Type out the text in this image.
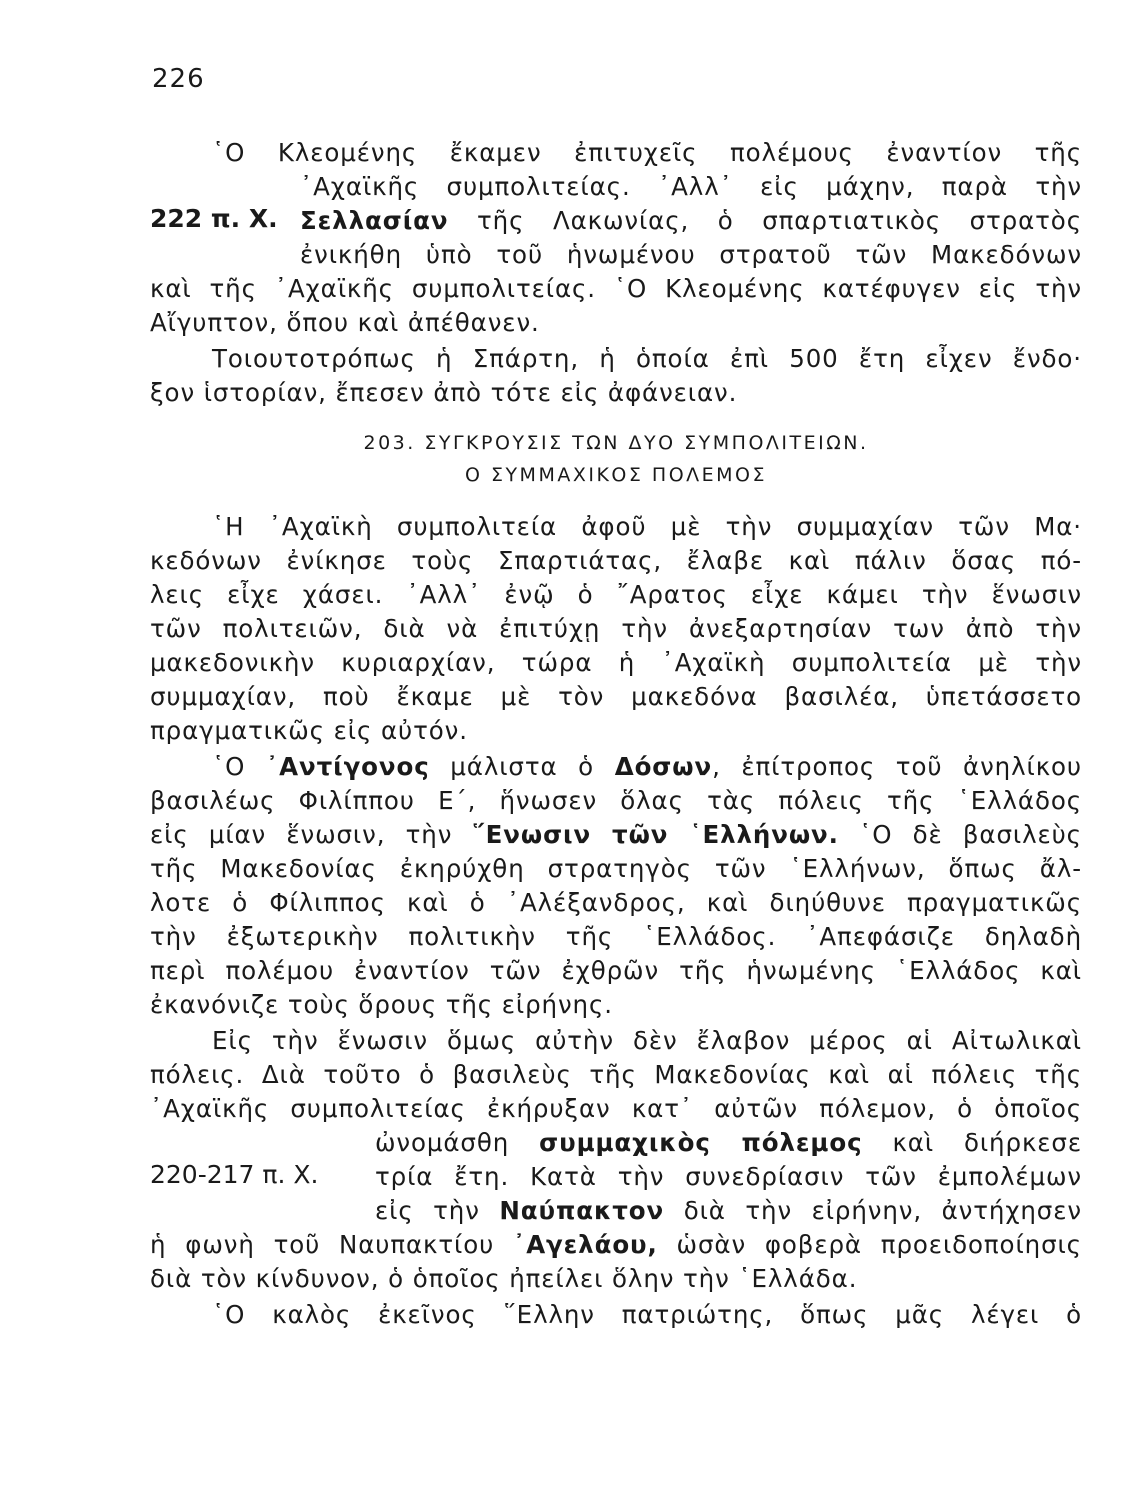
226
῾Ο Κλεομένης ἔκαμεν ἐπιτυχεῖς πολέμους ἐναντίον τῆς
᾿Αχαϊκῆς συμπολιτείας. ᾿Αλλ᾿ εἰς μάχην, παρὰ τὴν
222 π. Χ. Σελλασίαν τῆς Λακωνίας, ὁ σπαρτιατικὸς στρατὸς
ἐνικήθη ὑπὸ τοῦ ἡνωμένου στρατοῦ τῶν Μακεδόνων
καὶ τῆς ᾿Αχαϊκῆς συμπολιτείας. ῾Ο Κλεομένης κατέφυγεν εἰς τὴν
Αἴγυπτον, ὅπου καὶ ἀπέθανεν.
Τοιουτοτρόπως ἡ Σπάρτη, ἡ ὁποία ἐπὶ 500 ἔτη εἶχεν ἔνδο·
ξον ἱστορίαν, ἔπεσεν ἀπὸ τότε εἰς ἀφάνειαν.
203. ΣΥΓΚΡΟΥΣΙΣ ΤΩΝ ΔΥΟ ΣΥΜΠΟΛΙΤΕΙΩΝ.
Ο ΣΥΜΜΑΧΙΚΟΣ ΠΟΛΕΜΟΣ
῾Η ᾿Αχαϊκὴ συμπολιτεία ἀφοῦ μὲ τὴν συμμαχίαν τῶν Μα·
κεδόνων ἐνίκησε τοὺς Σπαρτιάτας, ἔλαβε καὶ πάλιν ὅσας πό-
λεις εἶχε χάσει. ᾿Αλλ᾿ ἐνῷ ὁ ῎Αρατος εἶχε κάμει τὴν ἕνωσιν
τῶν πολιτειῶν, διὰ νὰ ἐπιτύχῃ τὴν ἀνεξαρτησίαν των ἀπὸ τὴν
μακεδονικὴν κυριαρχίαν, τώρα ἡ ᾿Αχαϊκὴ συμπολιτεία μὲ τὴν
συμμαχίαν, ποὺ ἔκαμε μὲ τὸν μακεδόνα βασιλέα, ὑπετάσσετο
πραγματικῶς εἰς αὐτόν.
῾Ο ᾿Αντίγονος μάλιστα ὁ Δόσων, ἐπίτροπος τοῦ ἀνηλίκου
βασιλέως Φιλίππου Ε΄, ἥνωσεν ὅλας τὰς πόλεις τῆς ῾Ελλάδος
εἰς μίαν ἕνωσιν, τὴν ῞Ενωσιν τῶν ῾Ελλήνων. ῾Ο δὲ βασιλεὺς
τῆς Μακεδονίας ἐκηρύχθη στρατηγὸς τῶν ῾Ελλήνων, ὅπως ἄλ-
λοτε ὁ Φίλιππος καὶ ὁ ᾿Αλέξανδρος, καὶ διηύθυνε πραγματικῶς
τὴν ἐξωτερικὴν πολιτικὴν τῆς ῾Ελλάδος. ᾿Απεφάσιζε δηλαδὴ
περὶ πολέμου ἐναντίον τῶν ἐχθρῶν τῆς ἡνωμένης ῾Ελλάδος καὶ
ἐκανόνιζε τοὺς ὅρους τῆς εἰρήνης.
Εἰς τὴν ἕνωσιν ὅμως αὐτὴν δὲν ἔλαβον μέρος αἱ Αἰτωλικαὶ
πόλεις. Διὰ τοῦτο ὁ βασιλεὺς τῆς Μακεδονίας καὶ αἱ πόλεις τῆς
᾿Αχαϊκῆς συμπολιτείας ἐκήρυξαν κατ᾿ αὐτῶν πόλεμον, ὁ ὁποῖος
ὠνομάσθη συμμαχικὸς πόλεμος καὶ διήρκεσε
220-217 π. Χ. τρία ἔτη. Κατὰ τὴν συνεδρίασιν τῶν ἐμπολέμων
εἰς τὴν Ναύπακτον διὰ τὴν εἰρήνην, ἀντήχησεν
ἡ φωνὴ τοῦ Ναυπακτίου ᾿Αγελάου, ὡσὰν φοβερὰ προειδοποίησις
διὰ τὸν κίνδυνον, ὁ ὁποῖος ἠπείλει ὅλην τὴν ῾Ελλάδα.
῾Ο καλὸς ἐκεῖνος ῞Ελλην πατριώτης, ὅπως μᾶς λέγει ὁ
